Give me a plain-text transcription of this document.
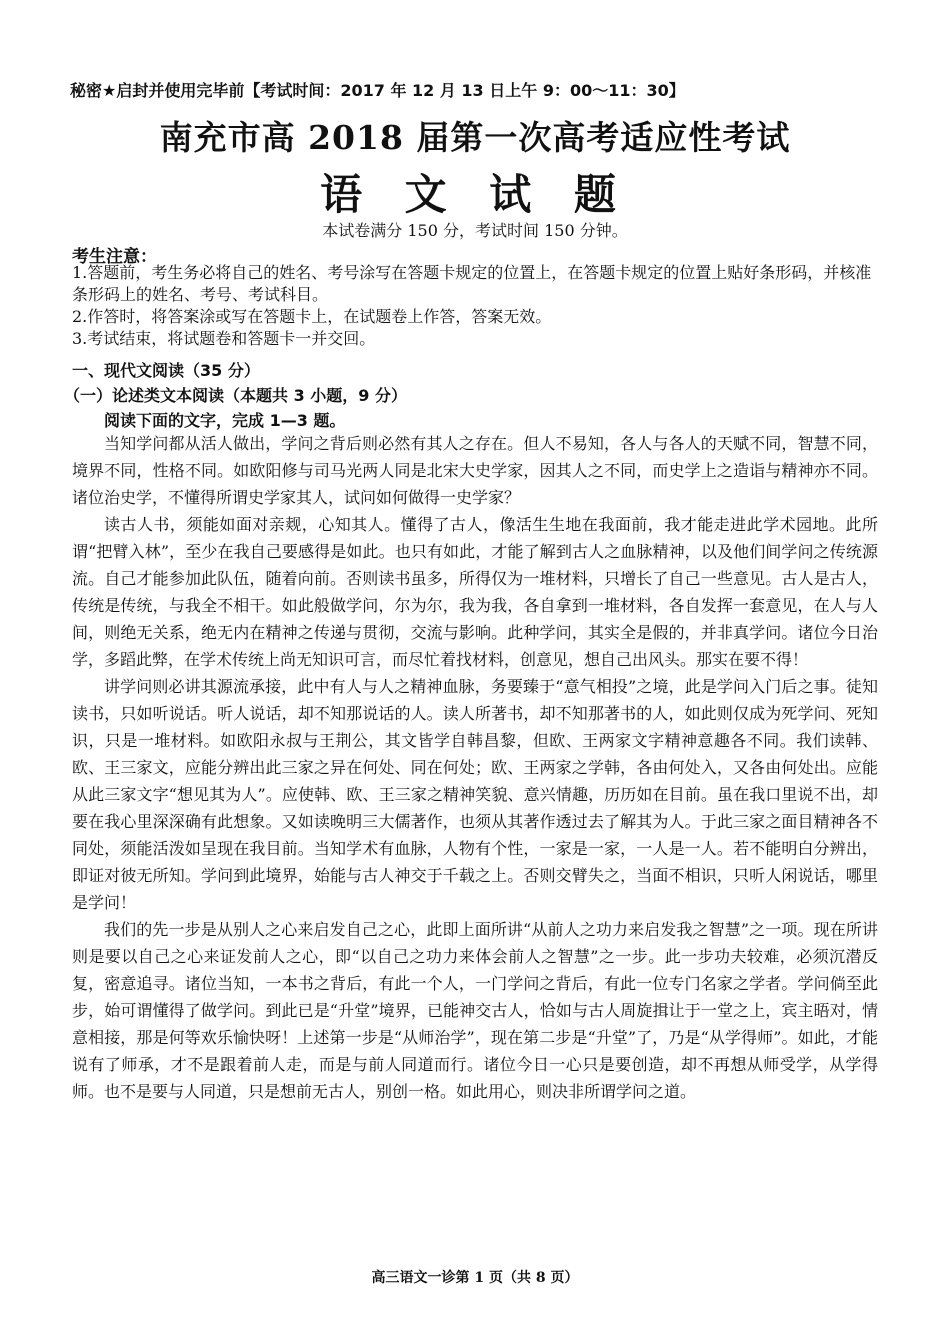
秘密★启封并使用完毕前【考试时间：2017 年 12 月 13 日上午 9：00～11：30】
南充市高 2018 届第一次高考适应性考试
语 文 试 题
本试卷满分 150 分，考试时间 150 分钟。
考生注意：

1.答题前，考生务必将自己的姓名、考号涂写在答题卡规定的位置上，在答题卡规定的位置上贴好条形码，并核准条形码上的姓名、考号、考试科目。

2.作答时，将答案涂或写在答题卡上，在试题卷上作答，答案无效。

3.考试结束，将试题卷和答题卡一并交回。

一、现代文阅读（35 分）
（一）论述类文本阅读（本题共 3 小题，9 分）
阅读下面的文字，完成 1—3 题。

当知学问都从活人做出，学问之背后则必然有其人之存在。但人不易知，各人与各人的天赋不同，智慧不同，境界不同，性格不同。如欧阳修与司马光两人同是北宋大史学家，因其人之不同，而史学上之造诣与精神亦不同。诸位治史学，不懂得所谓史学家其人，试问如何做得一史学家？

读古人书，须能如面对亲觌，心知其人。懂得了古人，像活生生地在我面前，我才能走进此学术园地。此所谓“把臂入林”，至少在我自己要感得是如此。也只有如此，才能了解到古人之血脉精神，以及他们间学问之传统源流。自己才能参加此队伍，随着向前。否则读书虽多，所得仅为一堆材料，只增长了自己一些意见。古人是古人，传统是传统，与我全不相干。如此般做学问，尔为尔，我为我，各自拿到一堆材料，各自发挥一套意见，在人与人间，则绝无关系，绝无内在精神之传递与贯彻，交流与影响。此种学问，其实全是假的，并非真学问。诸位今日治学，多蹈此弊，在学术传统上尚无知识可言，而尽忙着找材料，创意见，想自己出风头。那实在要不得！

讲学问则必讲其源流承接，此中有人与人之精神血脉，务要臻于“意气相投”之境，此是学问入门后之事。徒知读书，只如听说话。听人说话，却不知那说话的人。读人所著书，却不知那著书的人，如此则仅成为死学问、死知识，只是一堆材料。如欧阳永叔与王荆公，其文皆学自韩昌黎，但欧、王两家文字精神意趣各不同。我们读韩、欧、王三家文，应能分辨出此三家之异在何处、同在何处；欧、王两家之学韩，各由何处入，又各由何处出。应能从此三家文字“想见其为人”。应使韩、欧、王三家之精神笑貌、意兴情趣，历历如在目前。虽在我口里说不出，却要在我心里深深确有此想象。又如读晚明三大儒著作，也须从其著作透过去了解其为人。于此三家之面目精神各不同处，须能活泼如呈现在我目前。当知学术有血脉，人物有个性，一家是一家，一人是一人。若不能明白分辨出，即证对彼无所知。学问到此境界，始能与古人神交于千载之上。否则交臂失之，当面不相识，只听人闲说话，哪里是学问！

我们的先一步是从别人之心来启发自己之心，此即上面所讲“从前人之功力来启发我之智慧”之一项。现在所讲则是要以自己之心来证发前人之心，即“以自己之功力来体会前人之智慧”之一步。此一步功夫较难，必须沉潜反复，密意追寻。诸位当知，一本书之背后，有此一个人，一门学问之背后，有此一位专门名家之学者。学问倘至此步，始可谓懂得了做学问。到此已是“升堂”境界，已能神交古人，恰如与古人周旋揖让于一堂之上，宾主晤对，情意相接，那是何等欢乐愉快呀！上述第一步是“从师治学”，现在第二步是“升堂”了，乃是“从学得师”。如此，才能说有了师承，才不是跟着前人走，而是与前人同道而行。诸位今日一心只是要创造，却不再想从师受学，从学得师。也不是要与人同道，只是想前无古人，别创一格。如此用心，则决非所谓学问之道。

高三语文一诊第 1 页（共 8 页）
